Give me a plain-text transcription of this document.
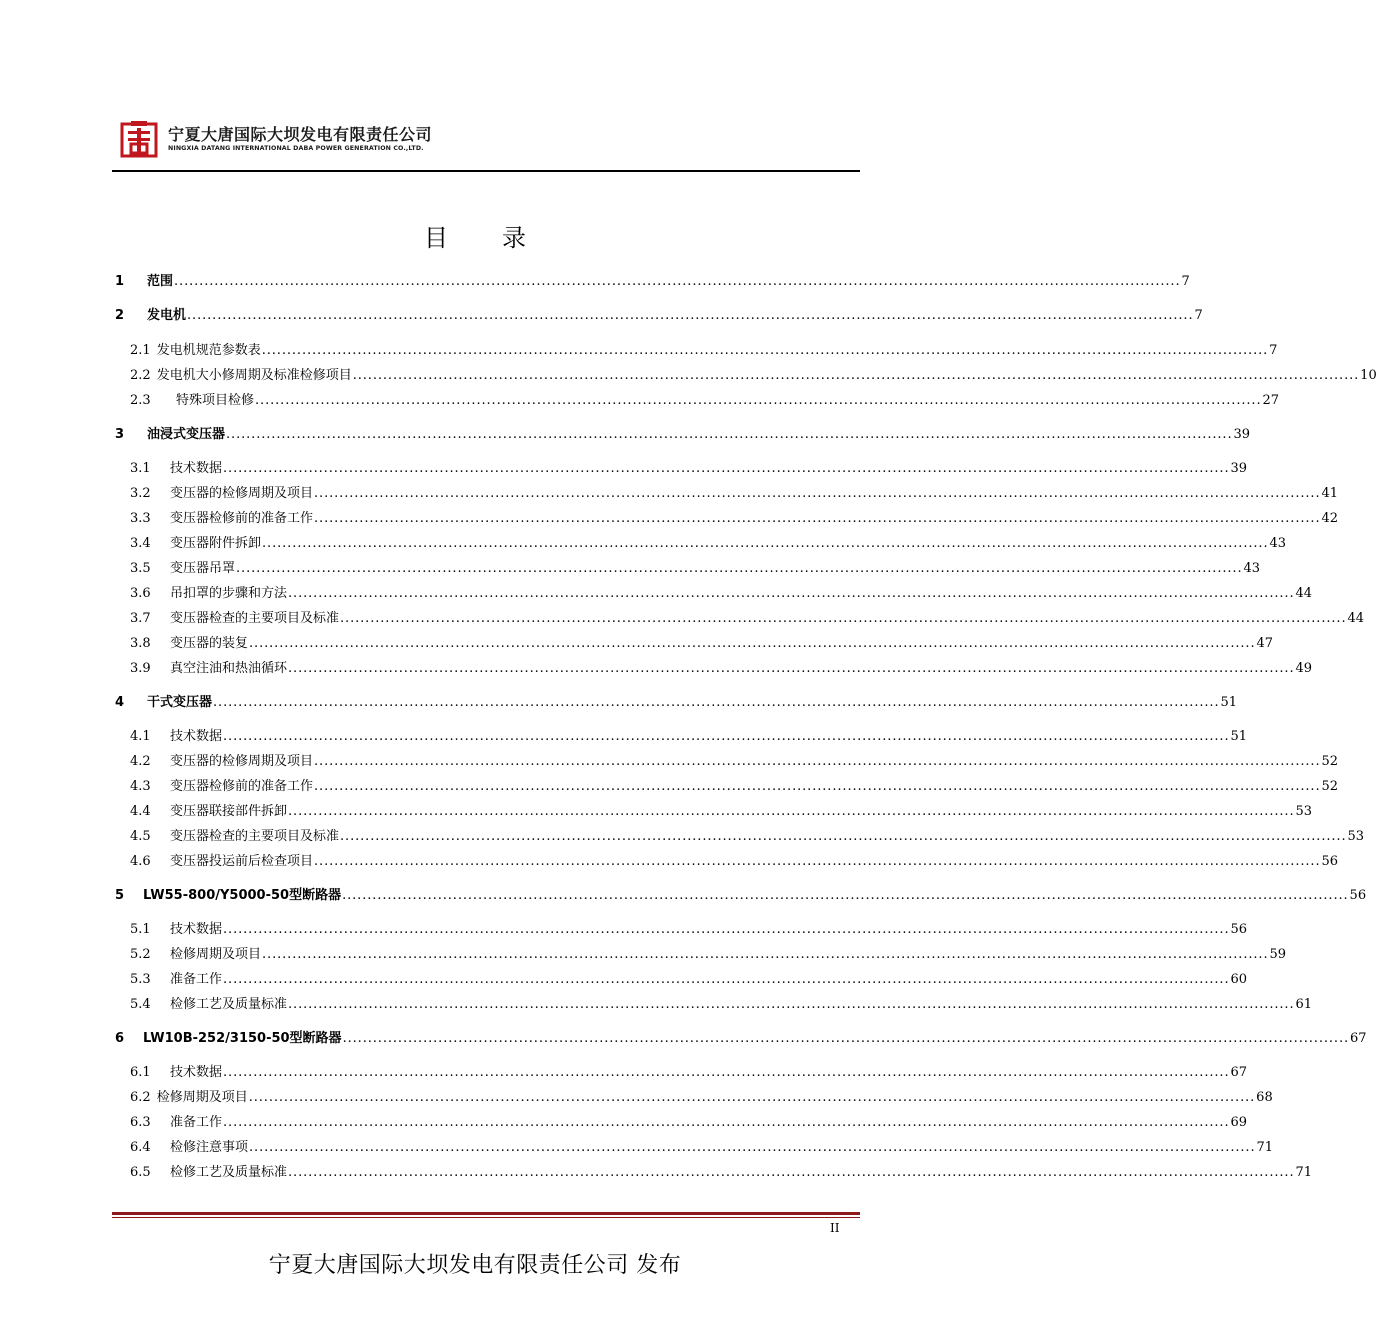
宁夏大唐国际大坝发电有限责任公司
NINGXIA DATANG INTERNATIONAL DABA POWER GENERATION CO.,LTD.
目 录
1 范围 ........................................................................................................................................................................................................ 7
2 发电机 ........................................................................................................................................................................................................ 7
2.1 发电机规范参数表 ........................................................................................................................................................................................................ 7
2.2 发电机大小修周期及标准检修项目 ........................................................................................................................................................................................................ 10
2.3 特殊项目检修 ........................................................................................................................................................................................................ 27
3 油浸式变压器 ........................................................................................................................................................................................................ 39
3.1 技术数据 ........................................................................................................................................................................................................ 39
3.2 变压器的检修周期及项目 ........................................................................................................................................................................................................ 41
3.3 变压器检修前的准备工作 ........................................................................................................................................................................................................ 42
3.4 变压器附件拆卸 ........................................................................................................................................................................................................ 43
3.5 变压器吊罩 ........................................................................................................................................................................................................ 43
3.6 吊扣罩的步骤和方法 ........................................................................................................................................................................................................ 44
3.7 变压器检查的主要项目及标准 ........................................................................................................................................................................................................ 44
3.8 变压器的装复 ........................................................................................................................................................................................................ 47
3.9 真空注油和热油循环 ........................................................................................................................................................................................................ 49
4 干式变压器 ........................................................................................................................................................................................................ 51
4.1 技术数据 ........................................................................................................................................................................................................ 51
4.2 变压器的检修周期及项目 ........................................................................................................................................................................................................ 52
4.3 变压器检修前的准备工作 ........................................................................................................................................................................................................ 52
4.4 变压器联接部件拆卸 ........................................................................................................................................................................................................ 53
4.5 变压器检查的主要项目及标准 ........................................................................................................................................................................................................ 53
4.6 变压器投运前后检查项目 ........................................................................................................................................................................................................ 56
5 LW55-800/Y5000-50型断路器 ........................................................................................................................................................................................................ 56
5.1 技术数据 ........................................................................................................................................................................................................ 56
5.2 检修周期及项目 ........................................................................................................................................................................................................ 59
5.3 准备工作 ........................................................................................................................................................................................................ 60
5.4 检修工艺及质量标准 ........................................................................................................................................................................................................ 61
6 LW10B-252/3150-50型断路器 ........................................................................................................................................................................................................ 67
6.1 技术数据 ........................................................................................................................................................................................................ 67
6.2 检修周期及项目 ........................................................................................................................................................................................................ 68
6.3 准备工作 ........................................................................................................................................................................................................ 69
6.4 检修注意事项 ........................................................................................................................................................................................................ 71
6.5 检修工艺及质量标准 ........................................................................................................................................................................................................ 71
II
宁夏大唐国际大坝发电有限责任公司 发布
